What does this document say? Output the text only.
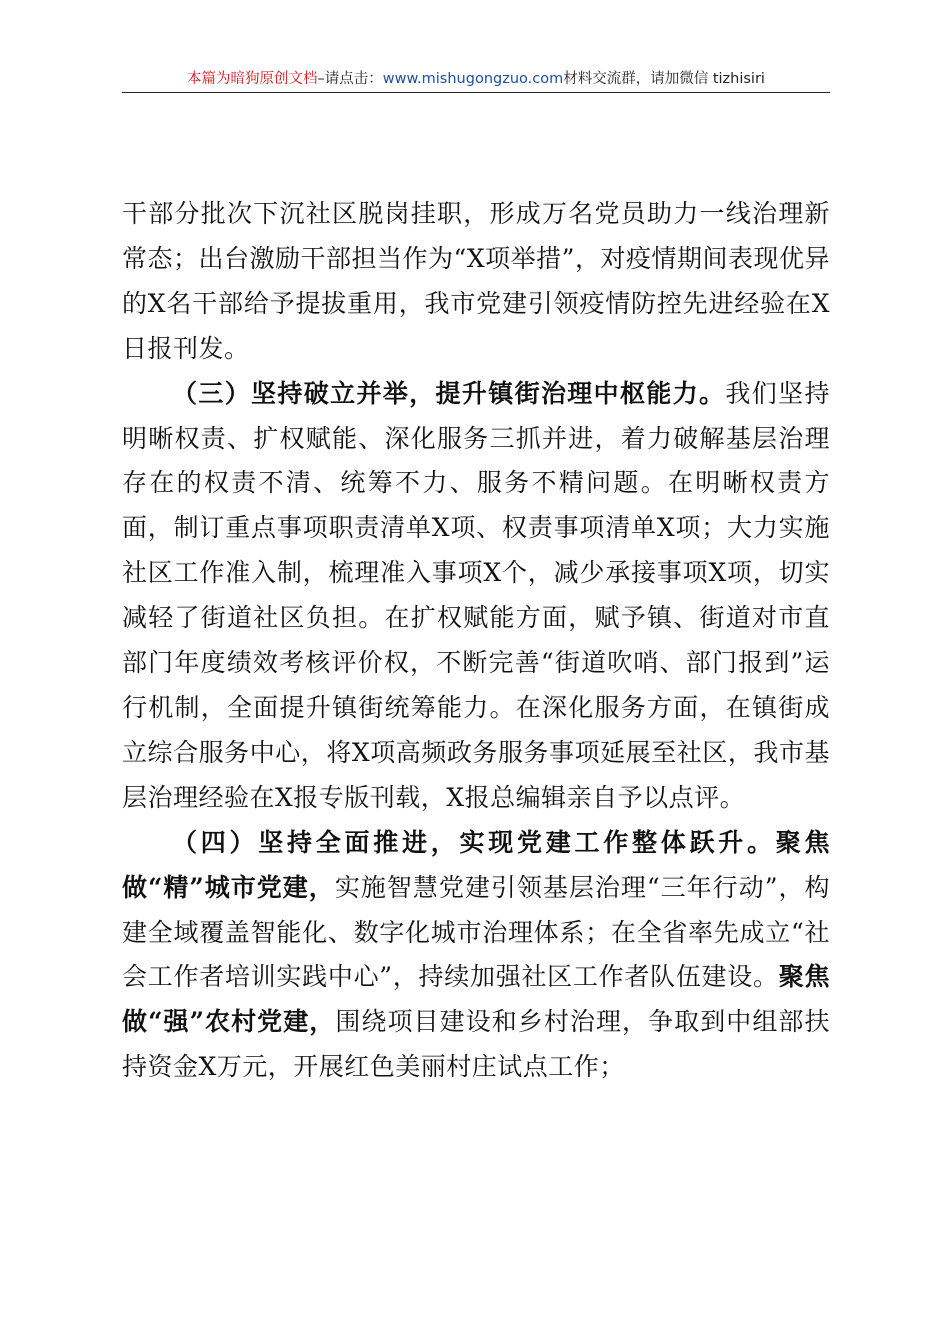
本篇为暗狗原创文档–请点击：www.mishugongzuo.com材料交流群，请加微信 tizhisiri

干部分批次下沉社区脱岗挂职，形成万名党员助力一线治理新常态；出台激励干部担当作为“X项举措”，对疫情期间表现优异的X名干部给予提拔重用，我市党建引领疫情防控先进经验在X日报刊发。

（三）坚持破立并举，提升镇街治理中枢能力。我们坚持明晰权责、扩权赋能、深化服务三抓并进，着力破解基层治理存在的权责不清、统筹不力、服务不精问题。在明晰权责方面，制订重点事项职责清单X项、权责事项清单X项；大力实施社区工作准入制，梳理准入事项X个，减少承接事项X项，切实减轻了街道社区负担。在扩权赋能方面，赋予镇、街道对市直部门年度绩效考核评价权，不断完善“街道吹哨、部门报到”运行机制，全面提升镇街统筹能力。在深化服务方面，在镇街成立综合服务中心，将X项高频政务服务事项延展至社区，我市基层治理经验在X报专版刊载，X报总编辑亲自予以点评。

（四）坚持全面推进，实现党建工作整体跃升。聚焦做“精”城市党建，实施智慧党建引领基层治理“三年行动”，构建全域覆盖智能化、数字化城市治理体系；在全省率先成立“社会工作者培训实践中心”，持续加强社区工作者队伍建设。聚焦做“强”农村党建，围绕项目建设和乡村治理，争取到中组部扶持资金X万元，开展红色美丽村庄试点工作；
